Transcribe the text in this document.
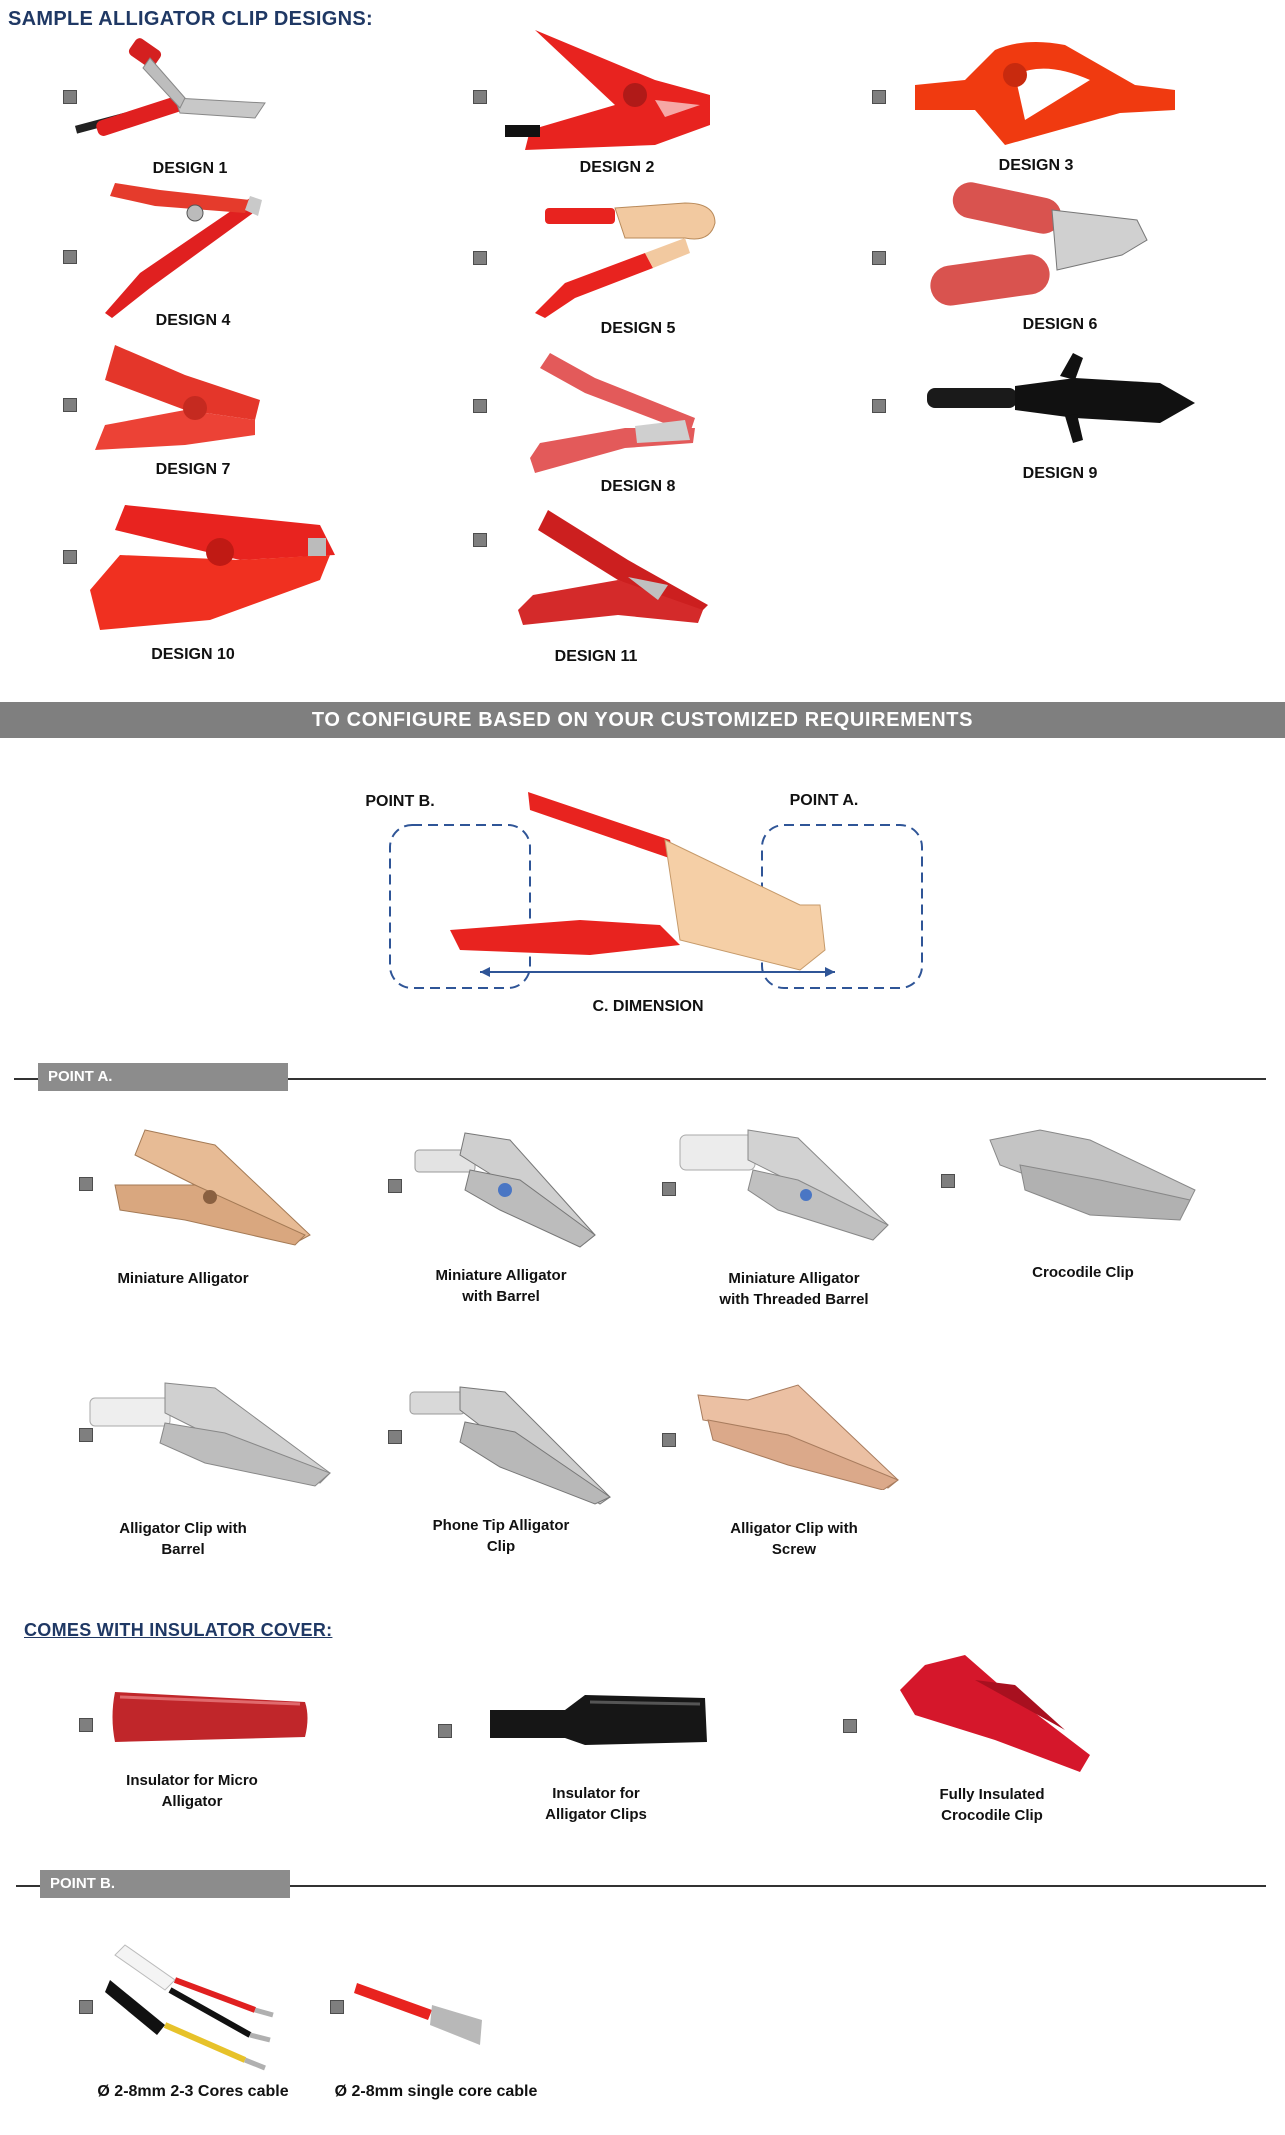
SAMPLE ALLIGATOR CLIP DESIGNS:
DESIGN 1	DESIGN 2	DESIGN 3
DESIGN 4	DESIGN 5	DESIGN 6
DESIGN 7
DESIGN 8
DESIGN 9
DESIGN 10	DESIGN 11
TO CONFIGURE BASED ON YOUR CUSTOMIZED REQUIREMENTS
POINT B.	POINT A.
C. DIMENSION
POINT A.
Miniature Alligator	Miniature Alligator
with Barrel
Miniature Alligator
with Threaded Barrel
Crocodile Clip
Alligator Clip with
Barrel
Phone Tip Alligator
Clip
Alligator Clip with
Screw
COMES WITH INSULATOR COVER:
Insulator for Micro
Alligator	Insulator for
Alligator Clips
Fully Insulated
Crocodile Clip
POINT B.
Ø 2-8mm 2-3 Cores cable	Ø 2-8mm single core cable
